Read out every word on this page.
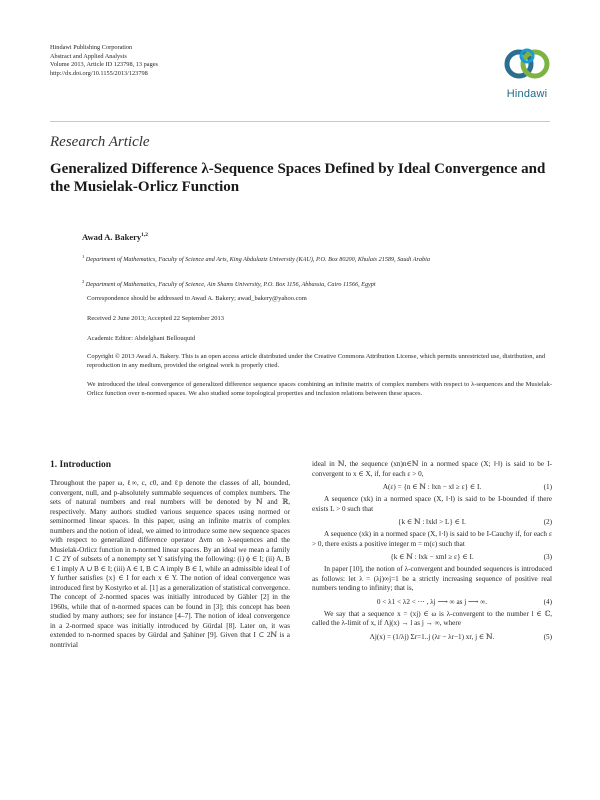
Hindawi Publishing Corporation
Abstract and Applied Analysis
Volume 2013, Article ID 123798, 13 pages
http://dx.doi.org/10.1155/2013/123798
Hindawi
Research Article
Generalized Difference λ-Sequence Spaces Defined by Ideal Convergence and the Musielak-Orlicz Function
Awad A. Bakery$^{1,2}$
$^1$ Department of Mathematics, Faculty of Science and Arts, King Abdulaziz University (KAU), P.O. Box 80200, Khulais 21589, Saudi Arabia
$^2$ Department of Mathematics, Faculty of Science, Ain Shams University, P.O. Box 1156, Abbassia, Cairo 11566, Egypt
Correspondence should be addressed to Awad A. Bakery; awad_bakery@yahoo.com
Received 2 June 2013; Accepted 22 September 2013
Academic Editor: Abdelghani Bellouquid
Copyright © 2013 Awad A. Bakery. This is an open access article distributed under the Creative Commons Attribution License, which permits unrestricted use, distribution, and reproduction in any medium, provided the original work is properly cited.
We introduced the ideal convergence of generalized difference sequence spaces combining an infinite matrix of complex numbers with respect to λ-sequences and the Musielak-Orlicz function over n-normed spaces. We also studied some topological properties and inclusion relations between these spaces.
1. Introduction

Throughout the paper ω, ℓ∞, c, c0, and ℓp denote the classes of all, bounded, convergent, null, and p-absolutely summable sequences of complex numbers. The sets of natural numbers and real numbers will be denoted by ℕ and ℝ, respectively. Many authors studied various sequence spaces using normed or seminormed linear spaces. In this paper, using an infinite matrix of complex numbers and the notion of ideal, we aimed to introduce some new sequence spaces with respect to generalized difference operator Δνm on λ-sequences and the Musielak-Orlicz function in n-normed linear spaces. By an ideal we mean a family I ⊂ 2Y of subsets of a nonempty set Y satisfying the following: (i) ϕ ∈ I; (ii) A, B ∈ I imply A ∪ B ∈ I; (iii) A ∈ I, B ⊂ A imply B ∈ I, while an admissible ideal I of Y further satisfies {x} ∈ I for each x ∈ Y. The notion of ideal convergence was introduced first by Kostyrko et al. [1] as a generalization of statistical convergence. The concept of 2-normed spaces was initially introduced by Gähler [2] in the 1960s, while that of n-normed spaces can be found in [3]; this concept has been studied by many authors; see for instance [4–7]. The notion of ideal convergence in a 2-normed space was initially introduced by Gürdal [8]. Later on, it was extended to n-normed spaces by Gürdal and Şahiner [9]. Given that I ⊂ 2ℕ is a nontrivial

ideal in ℕ, the sequence (xn)n∈ℕ in a normed space (X; ‖·‖) is said to be I-convergent to x ∈ X, if, for each ε > 0,

A(ε) = {n ∈ ℕ : ‖xn − x‖ ≥ ε} ∈ I.	(1)

A sequence (xk) in a normed space (X, ‖·‖) is said to be I-bounded if there exists L > 0 such that

{k ∈ ℕ : ‖xk‖ > L} ∈ I.	(2)

A sequence (xk) in a normed space (X, ‖·‖) is said to be I-Cauchy if, for each ε > 0, there exists a positive integer m = m(ε) such that

{k ∈ ℕ : ‖xk − xm‖ ≥ ε} ∈ I.	(3)

In paper [10], the notion of λ-convergent and bounded sequences is introduced as follows: let λ = (λj)∞j=1 be a strictly increasing sequence of positive real numbers tending to infinity; that is,

0 < λ1 < λ2 < ⋯ , λj ⟶ ∞ as j ⟶ ∞.	(4)

We say that a sequence x = (xj) ∈ ω is λ-convergent to the number l ∈ ℂ, called the λ-limit of x, if Λj(x) → l as j → ∞, where

Λj(x) = (1/λj) Σr=1..j (λr − λr−1) xr, j ∈ ℕ.	(5)
